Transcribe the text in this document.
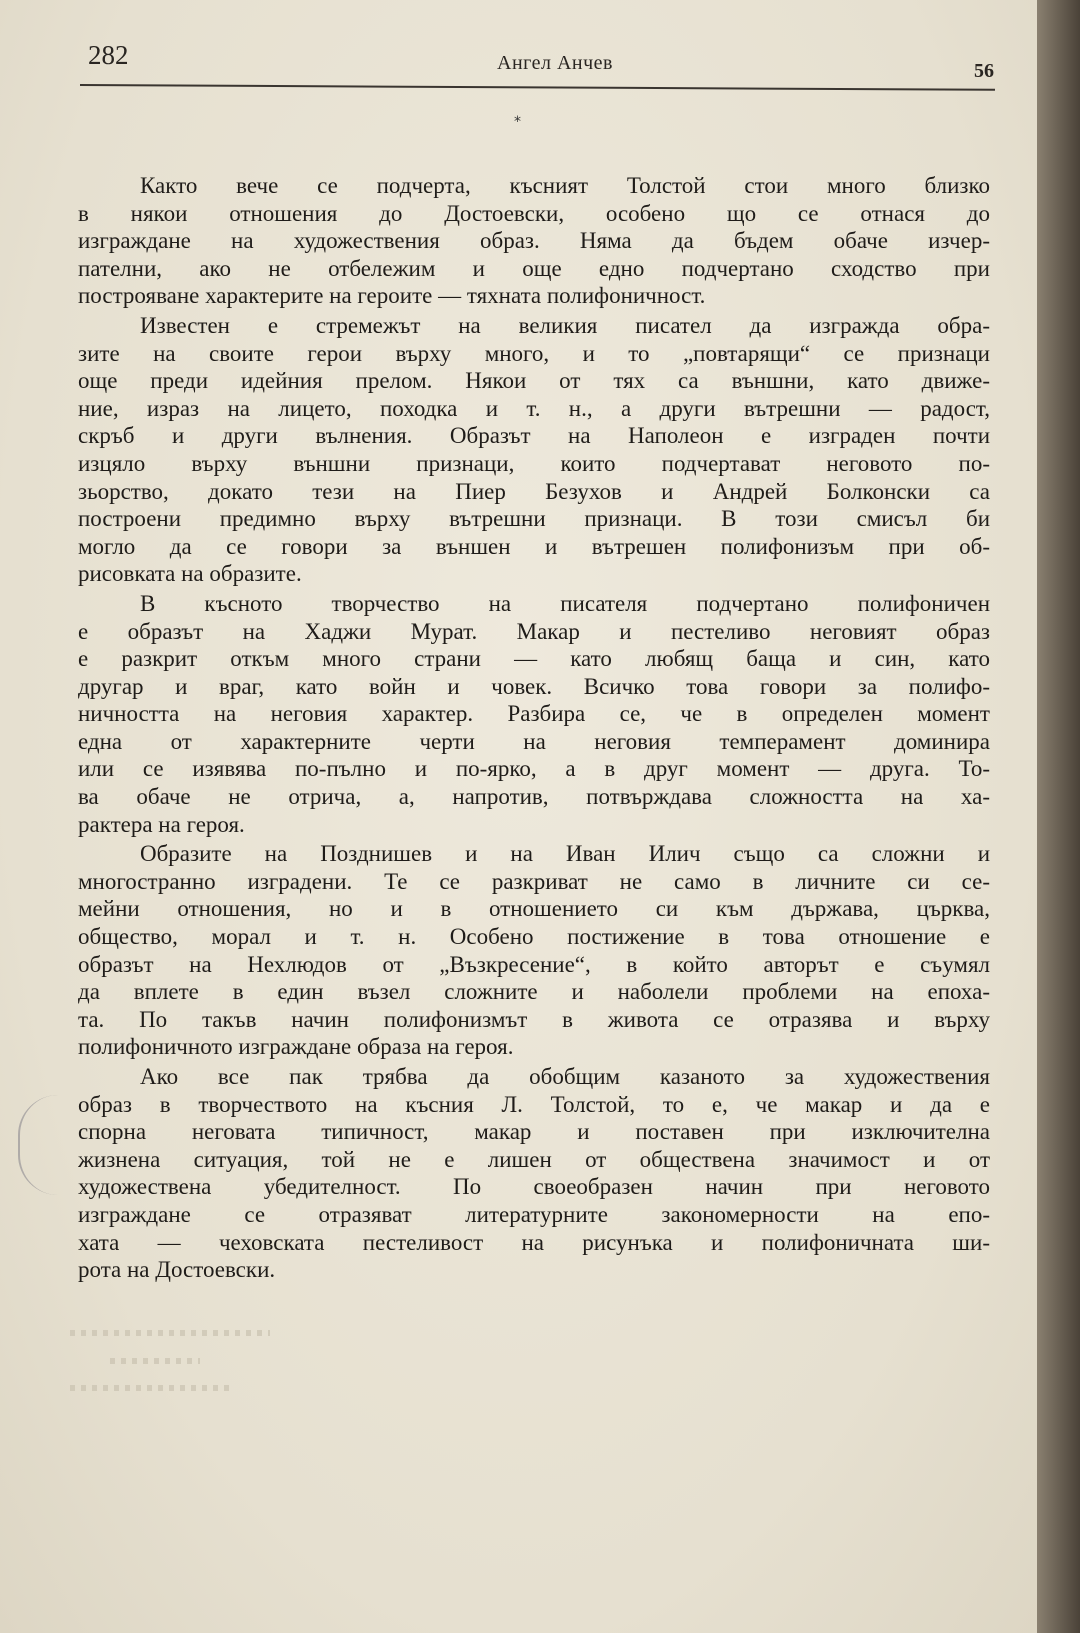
282	Ангел Анчев	56
*
Както вече се подчерта, късният Толстой стои много близко
в някои отношения до Достоевски, особено що се отнася до
изграждане на художествения образ. Няма да бъдем обаче изчер-
пателни, ако не отбележим и още едно подчертано сходство при
построяване характерите на героите — тяхната полифоничност.
Известен е стремежът на великия писател да изгражда обра-
зите на своите герои върху много, и то „повтарящи“ се признаци
още преди идейния прелом. Някои от тях са външни, като движе-
ние, израз на лицето, походка и т. н., а други вътрешни — радост,
скръб и други вълнения. Образът на Наполеон е изграден почти
изцяло върху външни признаци, които подчертават неговото по-
зьорство, докато тези на Пиер Безухов и Андрей Болконски са
построени предимно върху вътрешни признаци. В този смисъл би
могло да се говори за външен и вътрешен полифонизъм при об-
рисовката на образите.
В късното творчество на писателя подчертано полифоничен
е образът на Хаджи Мурат. Макар и пестеливо неговият образ
е разкрит откъм много страни — като любящ баща и син, като
другар и враг, като войн и човек. Всичко това говори за полифо-
ничността на неговия характер. Разбира се, че в определен момент
една от характерните черти на неговия темперамент доминира
или се изявява по-пълно и по-ярко, а в друг момент — друга. То-
ва обаче не отрича, а, напротив, потвърждава сложността на ха-
рактера на героя.
Образите на Позднишев и на Иван Илич също са сложни и
многостранно изградени. Те се разкриват не само в личните си се-
мейни отношения, но и в отношението си към държава, църква,
общество, морал и т. н. Особено постижение в това отношение е
образът на Нехлюдов от „Възкресение“, в който авторът е съумял
да вплете в един възел сложните и наболели проблеми на епоха-
та. По такъв начин полифонизмът в живота се отразява и върху
полифоничното изграждане образа на героя.
Ако все пак трябва да обобщим казаното за художествения
образ в творчеството на късния Л. Толстой, то е, че макар и да е
спорна неговата типичност, макар и поставен при изключителна
жизнена ситуация, той не е лишен от обществена значимост и от
художествена убедителност. По своеобразен начин при неговото
изграждане се отразяват литературните закономерности на епо-
хата — чеховската пестеливост на рисунъка и полифоничната ши-
рота на Достоевски.
